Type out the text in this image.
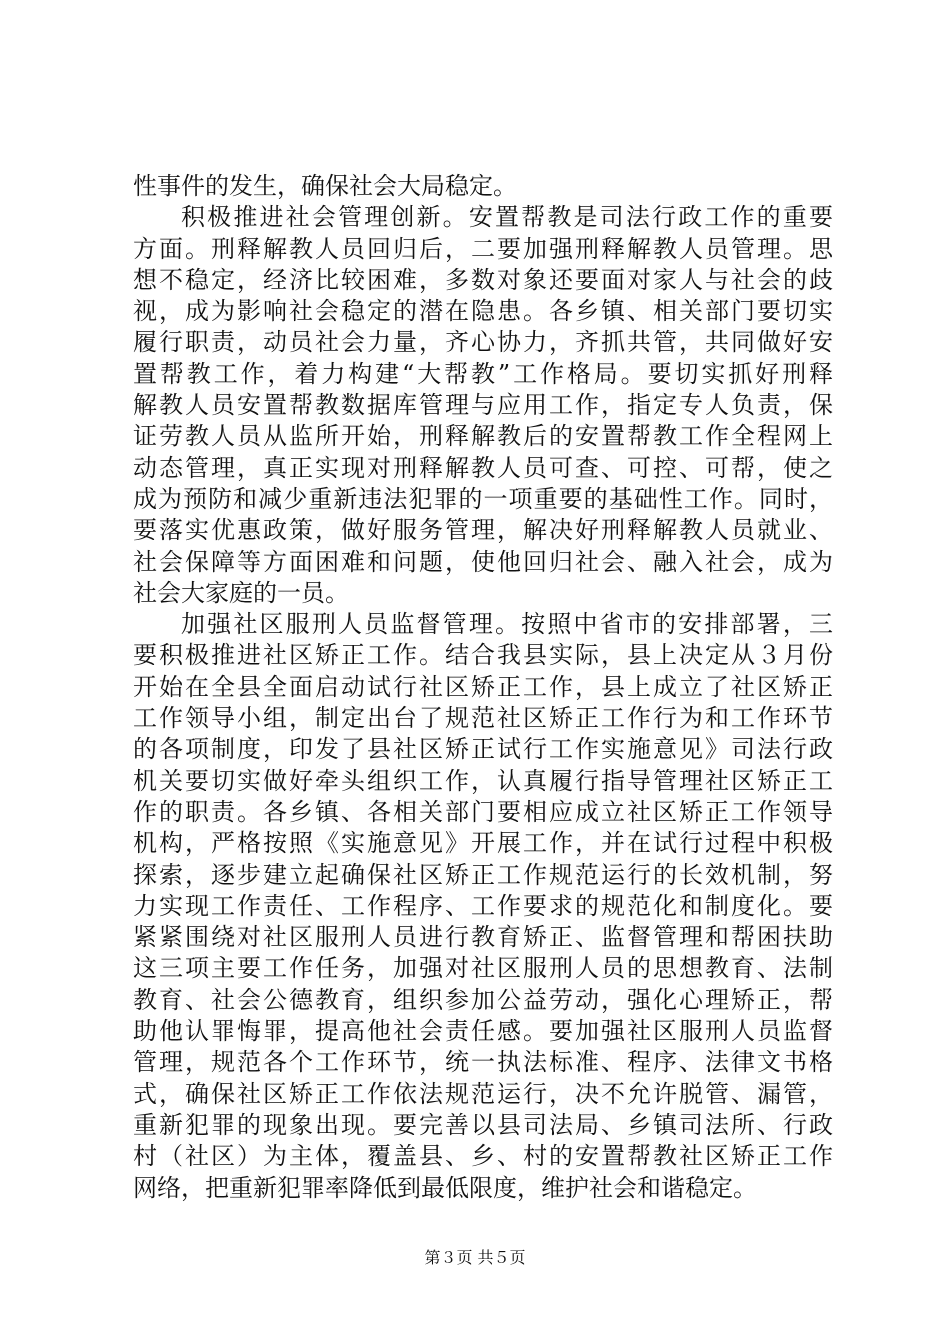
性事件的发生，确保社会大局稳定。
积极推进社会管理创新。安置帮教是司法行政工作的重要
方面。刑释解教人员回归后，二要加强刑释解教人员管理。思
想不稳定，经济比较困难，多数对象还要面对家人与社会的歧
视，成为影响社会稳定的潜在隐患。各乡镇、相关部门要切实
履行职责，动员社会力量，齐心协力，齐抓共管，共同做好安
置帮教工作，着力构建“大帮教”工作格局。要切实抓好刑释
解教人员安置帮教数据库管理与应用工作，指定专人负责，保
证劳教人员从监所开始，刑释解教后的安置帮教工作全程网上
动态管理，真正实现对刑释解教人员可查、可控、可帮，使之
成为预防和减少重新违法犯罪的一项重要的基础性工作。同时，
要落实优惠政策，做好服务管理，解决好刑释解教人员就业、
社会保障等方面困难和问题，使他回归社会、融入社会，成为
社会大家庭的一员。
加强社区服刑人员监督管理。按照中省市的安排部署，三
要积极推进社区矫正工作。结合我县实际，县上决定从３月份
开始在全县全面启动试行社区矫正工作，县上成立了社区矫正
工作领导小组，制定出台了规范社区矫正工作行为和工作环节
的各项制度，印发了县社区矫正试行工作实施意见》司法行政
机关要切实做好牵头组织工作，认真履行指导管理社区矫正工
作的职责。各乡镇、各相关部门要相应成立社区矫正工作领导
机构，严格按照《实施意见》开展工作，并在试行过程中积极
探索，逐步建立起确保社区矫正工作规范运行的长效机制，努
力实现工作责任、工作程序、工作要求的规范化和制度化。要
紧紧围绕对社区服刑人员进行教育矫正、监督管理和帮困扶助
这三项主要工作任务，加强对社区服刑人员的思想教育、法制
教育、社会公德教育，组织参加公益劳动，强化心理矫正，帮
助他认罪悔罪，提高他社会责任感。要加强社区服刑人员监督
管理，规范各个工作环节，统一执法标准、程序、法律文书格
式，确保社区矫正工作依法规范运行，决不允许脱管、漏管，
重新犯罪的现象出现。要完善以县司法局、乡镇司法所、行政
村（社区）为主体，覆盖县、乡、村的安置帮教社区矫正工作
网络，把重新犯罪率降低到最低限度，维护社会和谐稳定。
第３页 共５页
